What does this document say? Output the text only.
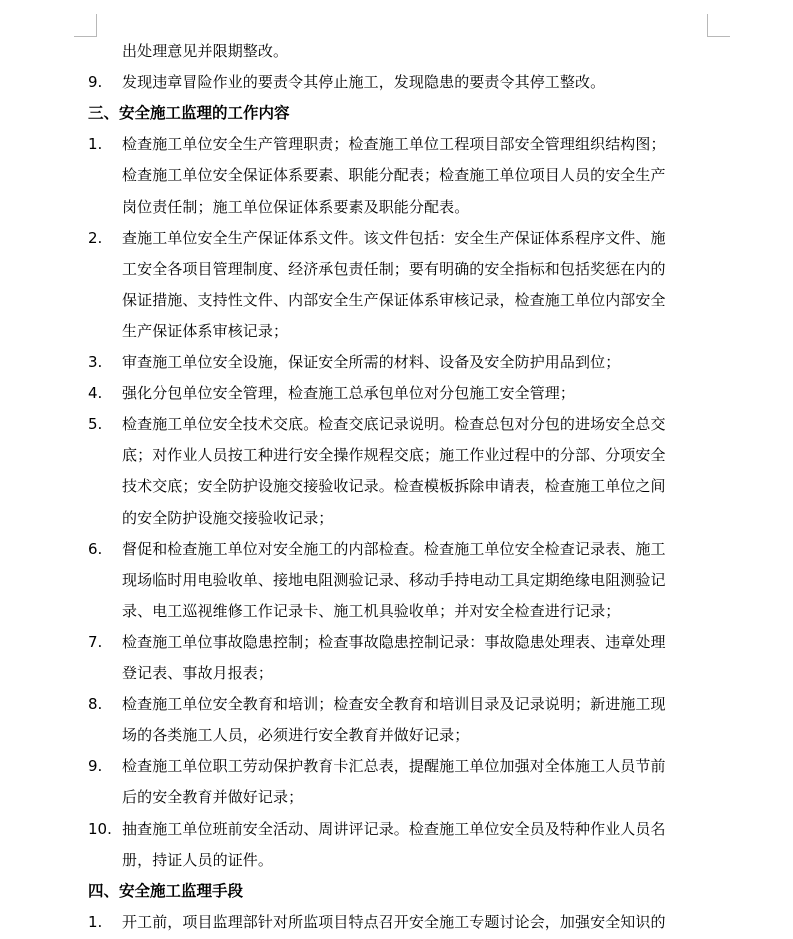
出处理意见并限期整改。
9.	发现违章冒险作业的要责令其停止施工，发现隐患的要责令其停工整改。
三、安全施工监理的工作内容
1.	检查施工单位安全生产管理职责；检查施工单位工程项目部安全管理组织结构图；
检查施工单位安全保证体系要素、职能分配表；检查施工单位项目人员的安全生产
岗位责任制；施工单位保证体系要素及职能分配表。
2.	查施工单位安全生产保证体系文件。该文件包括：安全生产保证体系程序文件、施
工安全各项目管理制度、经济承包责任制；要有明确的安全指标和包括奖惩在内的
保证措施、支持性文件、内部安全生产保证体系审核记录，检查施工单位内部安全
生产保证体系审核记录；
3.	审查施工单位安全设施，保证安全所需的材料、设备及安全防护用品到位；
4.	强化分包单位安全管理，检查施工总承包单位对分包施工安全管理；
5.	检查施工单位安全技术交底。检查交底记录说明。检查总包对分包的进场安全总交
底；对作业人员按工种进行安全操作规程交底；施工作业过程中的分部、分项安全
技术交底；安全防护设施交接验收记录。检查模板拆除申请表，检查施工单位之间
的安全防护设施交接验收记录；
6.	督促和检查施工单位对安全施工的内部检查。检查施工单位安全检查记录表、施工
现场临时用电验收单、接地电阻测验记录、移动手持电动工具定期绝缘电阻测验记
录、电工巡视维修工作记录卡、施工机具验收单；并对安全检查进行记录；
7.	检查施工单位事故隐患控制；检查事故隐患控制记录：事故隐患处理表、违章处理
登记表、事故月报表；
8.	检查施工单位安全教育和培训；检查安全教育和培训目录及记录说明；新进施工现
场的各类施工人员，必须进行安全教育并做好记录；
9.	检查施工单位职工劳动保护教育卡汇总表，提醒施工单位加强对全体施工人员节前
后的安全教育并做好记录；
10. 抽查施工单位班前安全活动、周讲评记录。检查施工单位安全员及特种作业人员名
册，持证人员的证件。
四、安全施工监理手段
1.	开工前，项目监理部针对所监项目特点召开安全施工专题讨论会，加强安全知识的
